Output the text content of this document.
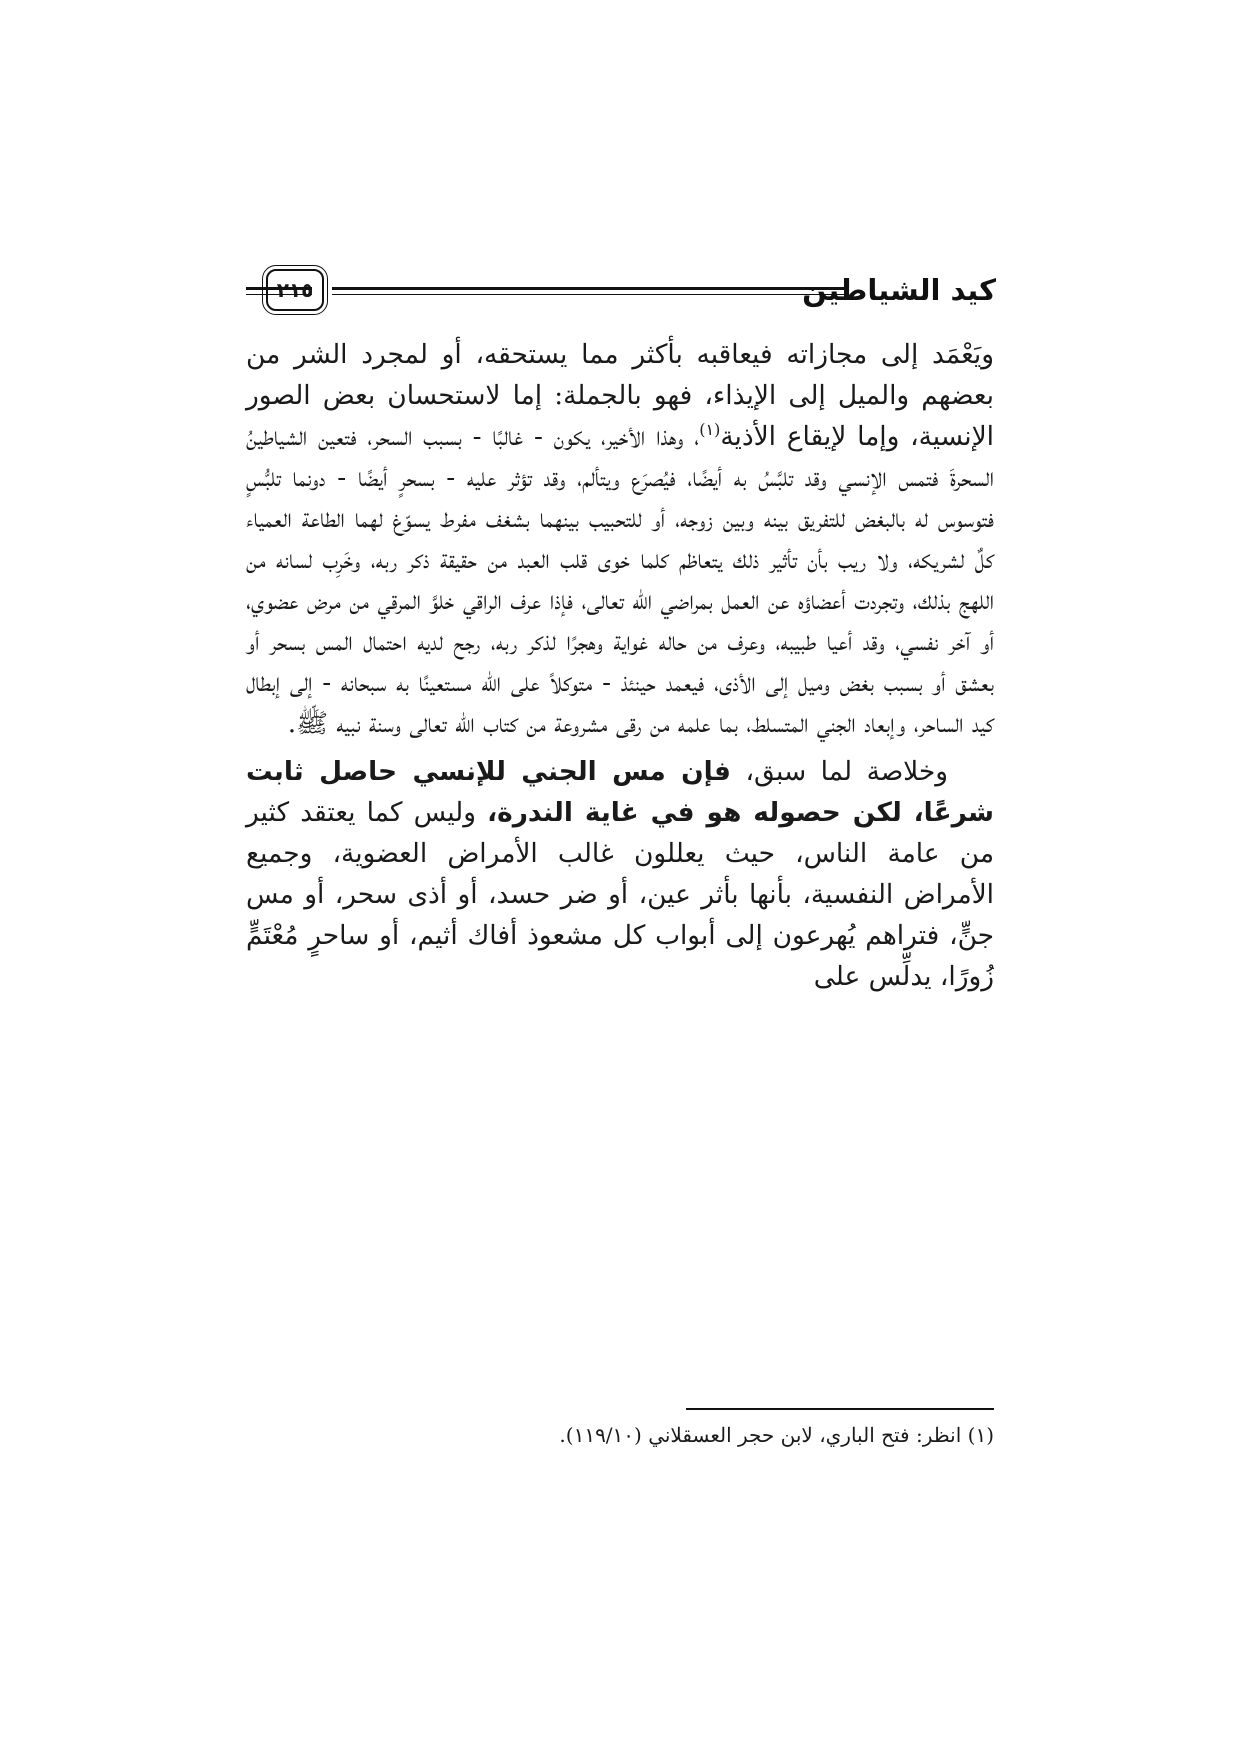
كيد الشياطين
٢١٥

ويَعْمَد إلى مجازاته فيعاقبه بأكثر مما يستحقه، أو لمجرد الشر من بعضهم والميل إلى الإيذاء، فهو بالجملة: إما لاستحسان بعض الصور الإنسية، وإما لإيقاع الأذية$^{(١)}$، وهذا الأخير، يكون - غالبًا - بسبب السحر، فتعين الشياطينُ السحرةَ فتمس الإنسي وقد تلبَّسُ به أيضًا، فيُصرَع ويتألم، وقد تؤثر عليه - بسحرٍ أيضًا - دونما تلبُّسٍ فتوسوس له بالبغض للتفريق بينه وبين زوجه، أو للتحبيب بينهما بشغف مفرط يسوّغ لهما الطاعة العمياء كلٌ لشريكه، ولا ريب بأن تأثير ذلك يتعاظم كلما خوى قلب العبد من حقيقة ذكر ربه، وخَرِب لسانه من اللهج بذلك، وتجردت أعضاؤه عن العمل بمراضي الله تعالى، فإذا عرف الراقي خلوَّ المرقي من مرض عضوي، أو آخر نفسي، وقد أعيا طبيبه، وعرف من حاله غواية وهجرًا لذكر ربه، رجح لديه احتمال المس بسحر أو بعشق أو بسبب بغض وميل إلى الأذى، فيعمد حينئذ - متوكلاً على الله مستعينًا به سبحانه - إلى إبطال كيد الساحر، وإبعاد الجني المتسلط، بما علمه من رقى مشروعة من كتاب الله تعالى وسنة نبيه ﷺ.

وخلاصة لما سبق، فإن مس الجني للإنسي حاصل ثابت شرعًا، لكن حصوله هو في غاية الندرة، وليس كما يعتقد كثير من عامة الناس، حيث يعللون غالب الأمراض العضوية، وجميع الأمراض النفسية، بأنها بأثر عين، أو ضر حسد، أو أذى سحر، أو مس جنٍّ، فتراهم يُهرعون إلى أبواب كل مشعوذ أفاك أثيم، أو ساحرٍ مُعْتَمٍّ زُورًا، يدلِّس على

(١) انظر: فتح الباري، لابن حجر العسقلاني (١١٩/١٠).
